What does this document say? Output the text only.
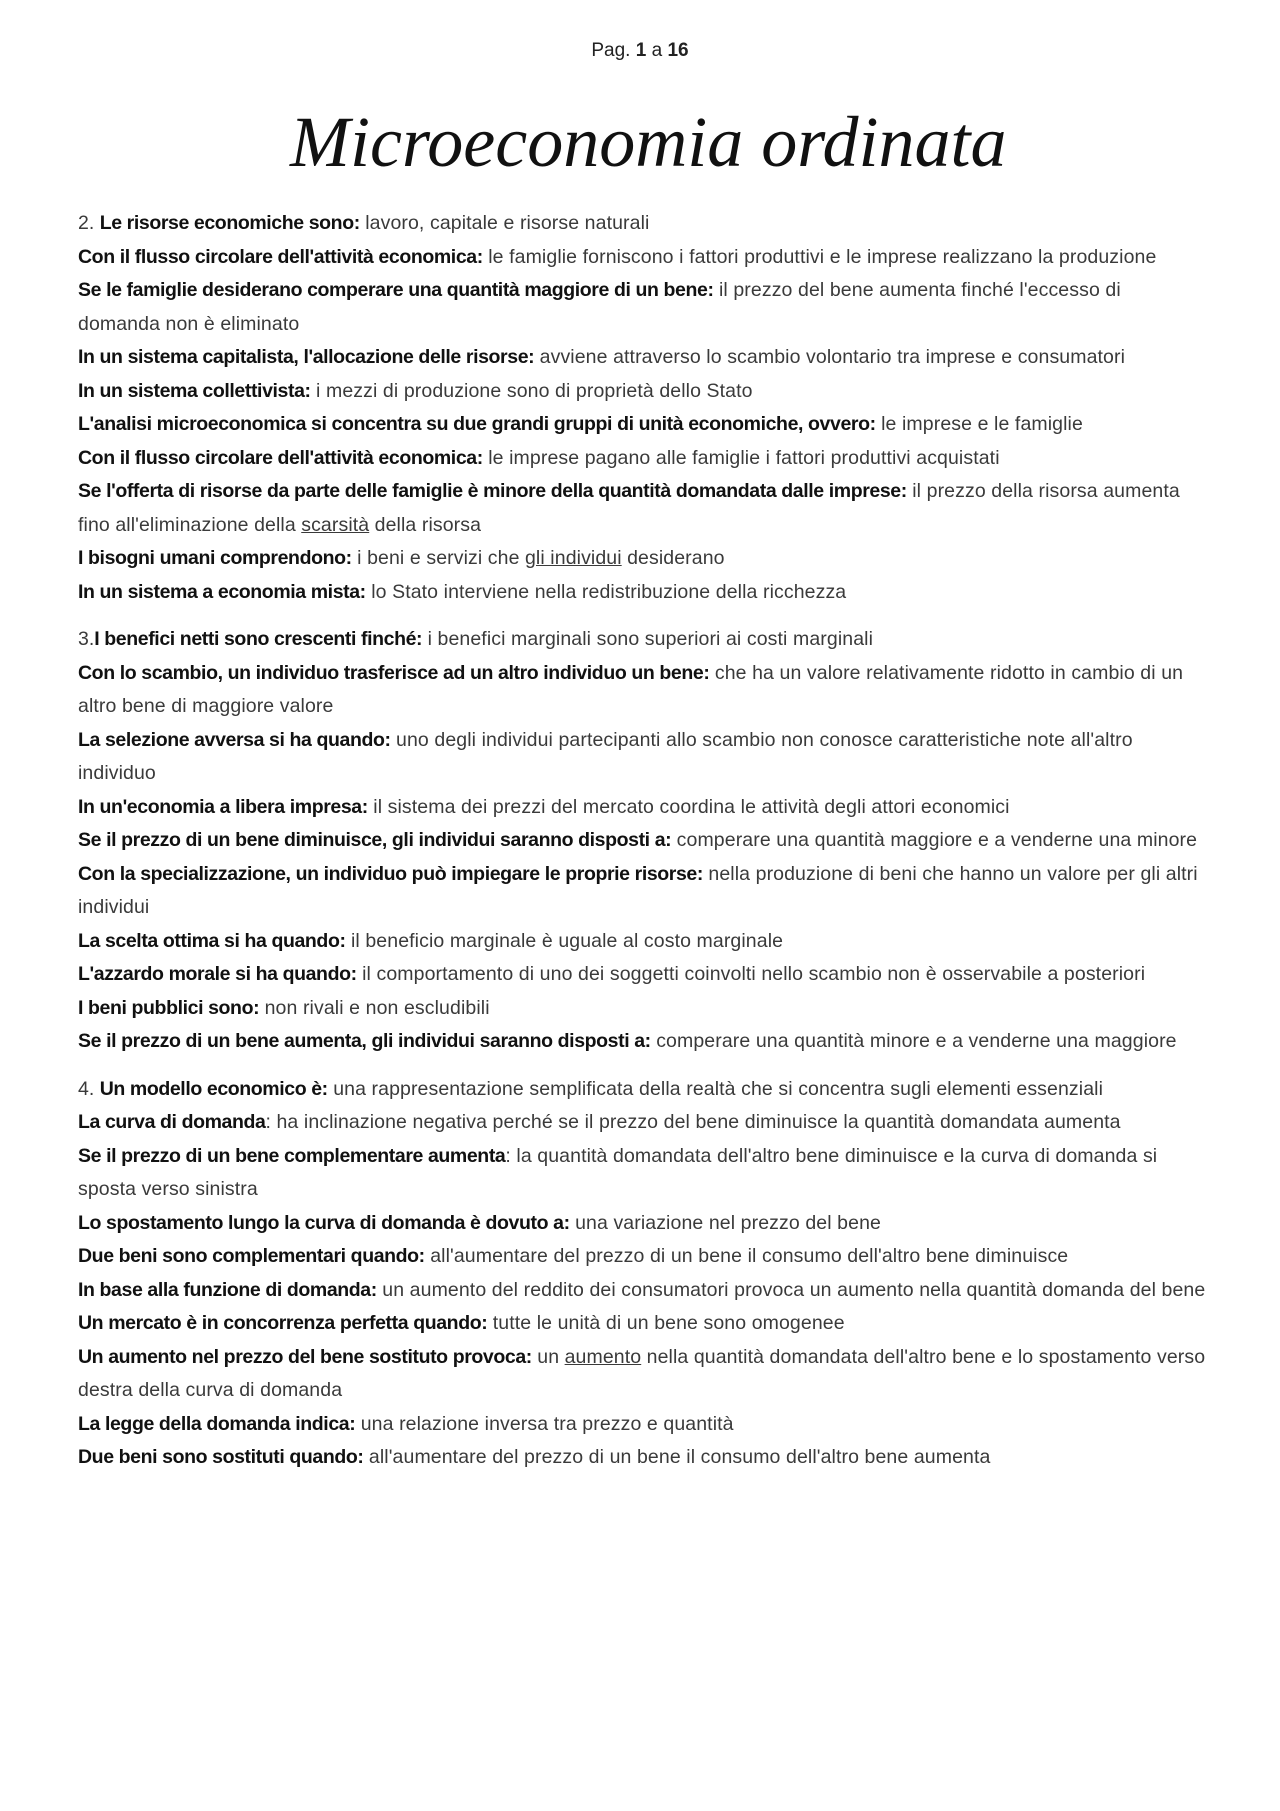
Pag. 1 a 16
Microeconomia ordinata

2. Le risorse economiche sono: lavoro, capitale e risorse naturali

Con il flusso circolare dell'attività economica: le famiglie forniscono i fattori produttivi e le imprese realizzano la produzione

Se le famiglie desiderano comperare una quantità maggiore di un bene: il prezzo del bene aumenta finché l'eccesso di domanda non è eliminato

In un sistema capitalista, l'allocazione delle risorse: avviene attraverso lo scambio volontario tra imprese e consumatori

In un sistema collettivista: i mezzi di produzione sono di proprietà dello Stato

L'analisi microeconomica si concentra su due grandi gruppi di unità economiche, ovvero: le imprese e le famiglie

Con il flusso circolare dell'attività economica: le imprese pagano alle famiglie i fattori produttivi acquistati

Se l'offerta di risorse da parte delle famiglie è minore della quantità domandata dalle imprese: il prezzo della risorsa aumenta fino all'eliminazione della scarsità della risorsa

I bisogni umani comprendono: i beni e servizi che gli individui desiderano

In un sistema a economia mista: lo Stato interviene nella redistribuzione della ricchezza

3.I benefici netti sono crescenti finché: i benefici marginali sono superiori ai costi marginali

Con lo scambio, un individuo trasferisce ad un altro individuo un bene: che ha un valore relativamente ridotto in cambio di un altro bene di maggiore valore

La selezione avversa si ha quando: uno degli individui partecipanti allo scambio non conosce caratteristiche note all'altro individuo

In un'economia a libera impresa: il sistema dei prezzi del mercato coordina le attività degli attori economici

Se il prezzo di un bene diminuisce, gli individui saranno disposti a: comperare una quantità maggiore e a venderne una minore

Con la specializzazione, un individuo può impiegare le proprie risorse: nella produzione di beni che hanno un valore per gli altri individui

La scelta ottima si ha quando: il beneficio marginale è uguale al costo marginale

L'azzardo morale si ha quando: il comportamento di uno dei soggetti coinvolti nello scambio non è osservabile a posteriori

I beni pubblici sono: non rivali e non escludibili

Se il prezzo di un bene aumenta, gli individui saranno disposti a: comperare una quantità minore e a venderne una maggiore

4. Un modello economico è: una rappresentazione semplificata della realtà che si concentra sugli elementi essenziali

La curva di domanda: ha inclinazione negativa perché se il prezzo del bene diminuisce la quantità domandata aumenta

Se il prezzo di un bene complementare aumenta: la quantità domandata dell'altro bene diminuisce e la curva di domanda si sposta verso sinistra

Lo spostamento lungo la curva di domanda è dovuto a: una variazione nel prezzo del bene

Due beni sono complementari quando: all'aumentare del prezzo di un bene il consumo dell'altro bene diminuisce

In base alla funzione di domanda: un aumento del reddito dei consumatori provoca un aumento nella quantità domanda del bene

Un mercato è in concorrenza perfetta quando: tutte le unità di un bene sono omogenee

Un aumento nel prezzo del bene sostituto provoca: un aumento nella quantità domandata dell'altro bene e lo spostamento verso destra della curva di domanda

La legge della domanda indica: una relazione inversa tra prezzo e quantità

Due beni sono sostituti quando: all'aumentare del prezzo di un bene il consumo dell'altro bene aumenta
